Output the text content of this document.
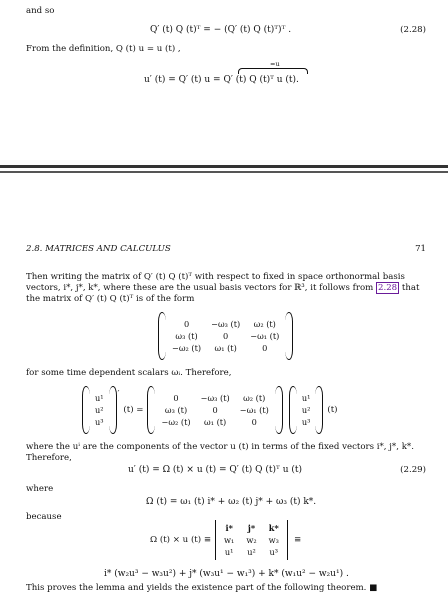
and so
Q′ (t) Q (t)ᵀ = − (Q′ (t) Q (t)ᵀ)ᵀ .	(2.28)
From the definition, Q (t) u = u (t) ,
=u
u′ (t) = Q′ (t) u = Q′ (t) Q (t)ᵀ u (t).
2.8. MATRICES AND CALCULUS	71
Then writing the matrix of Q′ (t) Q (t)ᵀ with respect to fixed in space orthonormal basis
vectors, i*, j*, k*, where these are the usual basis vectors for ℝ³, it follows from 2.28 that
the matrix of Q′ (t) Q (t)ᵀ is of the form
0	−ω₃ (t)	ω₂ (t)
ω₃ (t)	0	−ω₁ (t)
−ω₂ (t)	ω₁ (t)	0
for some time dependent scalars ωᵢ. Therefore,
u¹
u²
u³
′
(t) =
0	−ω₃ (t)	ω₂ (t)
ω₃ (t)	0	−ω₁ (t)
−ω₂ (t)	ω₁ (t)	0
u¹
u²
u³
(t)
where the uⁱ are the components of the vector u (t) in terms of the fixed vectors i*, j*, k*.
Therefore,
u′ (t) = Ω (t) × u (t) = Q′ (t) Q (t)ᵀ u (t)	(2.29)
where
Ω (t) = ω₁ (t) i* + ω₂ (t) j* + ω₃ (t) k*.
because
Ω (t) × u (t) ≡
i* j* k*
w₁ w₂ w₃
u¹ u² u³
≡
i* (w₂u³ − w₃u²) + j* (w₃u¹ − w₁³) + k* (w₁u² − w₂u¹) .
This proves the lemma and yields the existence part of the following theorem. ■
